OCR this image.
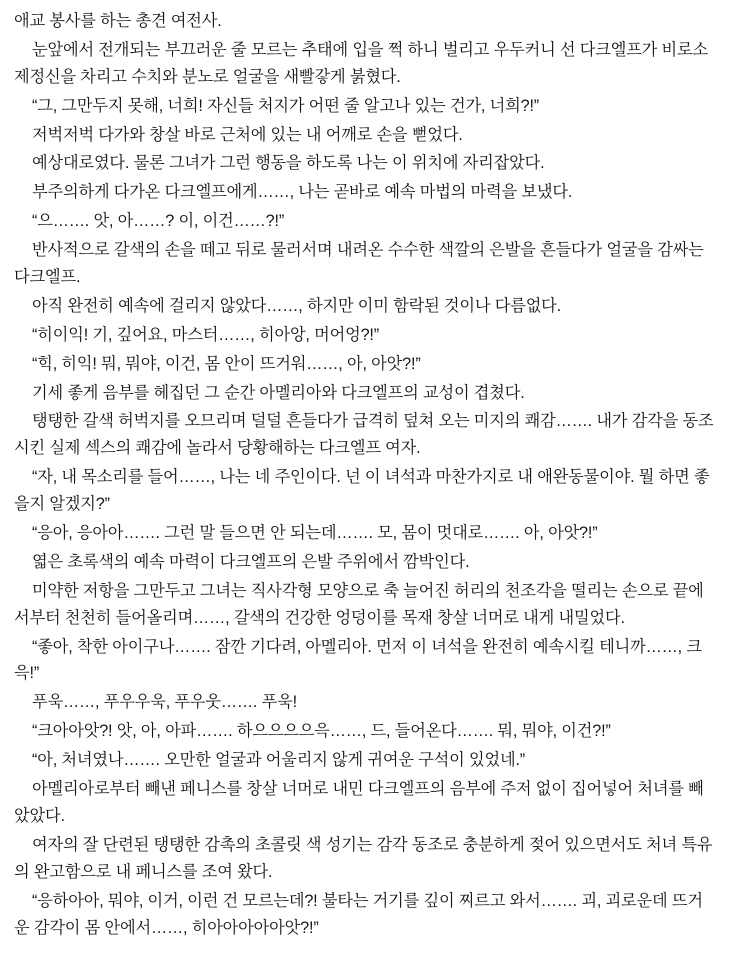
애교 봉사를 하는 총견 여전사.

눈앞에서 전개되는 부끄러운 줄 모르는 추태에 입을 쩍 하니 벌리고 우두커니 선 다크엘프가 비로소 제정신을 차리고 수치와 분노로 얼굴을 새빨갛게 붉혔다.

“그, 그만두지 못해, 너희! 자신들 처지가 어떤 줄 알고나 있는 건가, 너희?!”

저벅저벅 다가와 창살 바로 근처에 있는 내 어깨로 손을 뻗었다.

예상대로였다. 물론 그녀가 그런 행동을 하도록 나는 이 위치에 자리잡았다.

부주의하게 다가온 다크엘프에게……, 나는 곧바로 예속 마법의 마력을 보냈다.

“으……. 앗, 아……? 이, 이건……?!”

반사적으로 갈색의 손을 떼고 뒤로 물러서며 내려온 수수한 색깔의 은발을 흔들다가 얼굴을 감싸는 다크엘프.

아직 완전히 예속에 걸리지 않았다……, 하지만 이미 함락된 것이나 다름없다.

“히이익! 기, 깊어요, 마스터……, 히아앙, 머어엉?!”

“힉, 히익! 뭐, 뭐야, 이건, 몸 안이 뜨거워……, 아, 아앗?!”

기세 좋게 음부를 헤집던 그 순간 아멜리아와 다크엘프의 교성이 겹쳤다.

탱탱한 갈색 허벅지를 오므리며 덜덜 흔들다가 급격히 덮쳐 오는 미지의 쾌감……. 내가 감각을 동조시킨 실제 섹스의 쾌감에 놀라서 당황해하는 다크엘프 여자.

“자, 내 목소리를 들어……, 나는 네 주인이다. 넌 이 녀석과 마찬가지로 내 애완동물이야. 뭘 하면 좋을지 알겠지?”

“응아, 응아아……. 그런 말 들으면 안 되는데……. 모, 몸이 멋대로……. 아, 아앗?!”

엷은 초록색의 예속 마력이 다크엘프의 은발 주위에서 깜박인다.

미약한 저항을 그만두고 그녀는 직사각형 모양으로 축 늘어진 허리의 천조각을 떨리는 손으로 끝에서부터 천천히 들어올리며……, 갈색의 건강한 엉덩이를 목재 창살 너머로 내게 내밀었다.

“좋아, 착한 아이구나……. 잠깐 기다려, 아멜리아. 먼저 이 녀석을 완전히 예속시킬 테니까……, 크윽!”

푸욱……, 푸우우욱, 푸우웃……. 푸욱!

“크아아앗?! 앗, 아, 아파……. 하으으으으윽……, 드, 들어온다……. 뭐, 뭐야, 이건?!”

“아, 처녀였나……. 오만한 얼굴과 어울리지 않게 귀여운 구석이 있었네.”

아멜리아로부터 빼낸 페니스를 창살 너머로 내민 다크엘프의 음부에 주저 없이 집어넣어 처녀를 빼았았다.

여자의 잘 단련된 탱탱한 감촉의 초콜릿 색 성기는 감각 동조로 충분하게 젖어 있으면서도 처녀 특유의 완고함으로 내 페니스를 조여 왔다.

“응하아아, 뭐야, 이거, 이런 건 모르는데?! 불타는 거기를 깊이 찌르고 와서……. 괴, 괴로운데 뜨거운 감각이 몸 안에서……, 히아아아아아앗?!”
